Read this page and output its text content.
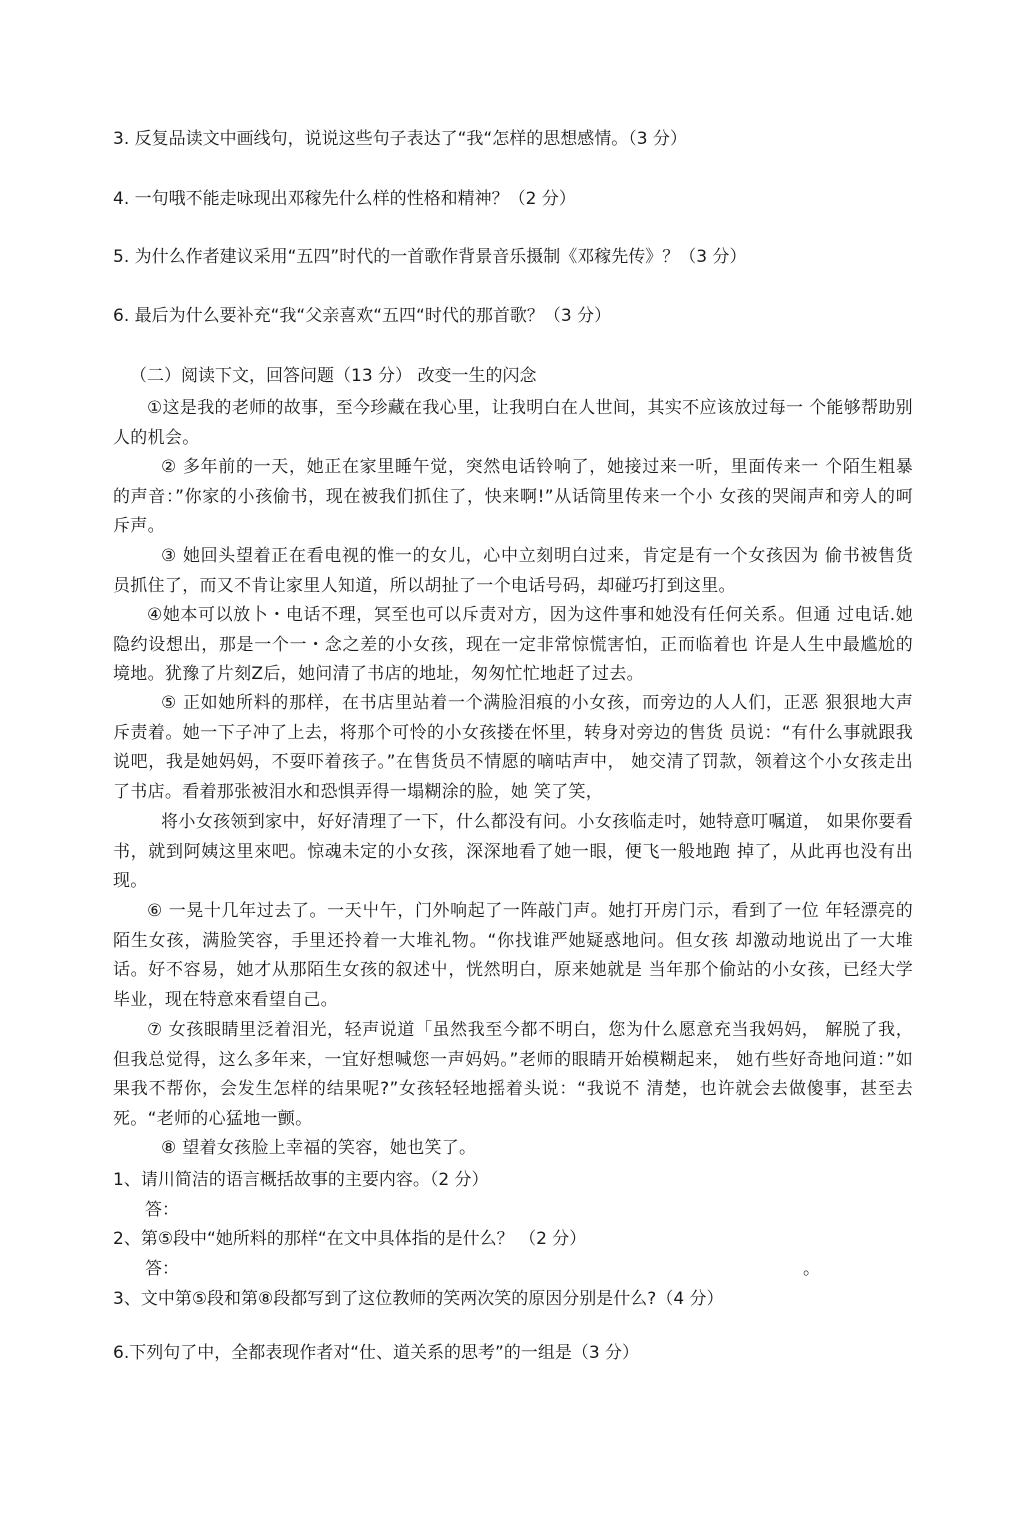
3. 反复品读文中画线句，说说这些句子表达了“我“怎样的思想感情。（3 分）
4. 一句哦不能走咏现出邓稼先什么样的性格和精神？（2 分）
5. 为什么作者建议采用“五四”时代的一首歌作背景音乐摄制《邓稼先传》？（3 分）
6. 最后为什么要补充“我“父亲喜欢“五四“时代的那首歌？（3 分）
（二）阅读下文，回答问题（13 分） 改变一生的闪念
①这是我的老师的故事，至今珍藏在我心里，让我明白在人世间，其实不应该放过每一 个能够帮助别人的机会。
② 多年前的一天，她正在家里睡午觉，突然电话铃响了，她接过来一听，里面传来一 个陌生粗暴的声音：”你家的小孩偷书，现在被我们抓住了，快来啊!”从话筒里传来一个小 女孩的哭闹声和旁人的呵斥声。
③ 她回头望着正在看电视的惟一的女儿，心中立刻明白过来，肯定是有一个女孩因为 偷书被售货员抓住了，而又不肯让家里人知道，所以胡扯了一个电话号码，却碰巧打到这里。
④她本可以放卜・电话不理，冥至也可以斥责对方，因为这件事和她没有任何关系。但通 过电话.她隐约设想出，那是一个一・念之差的小女孩，现在一定非常惊慌害怕，正而临着也 许是人生中最尴尬的境地。犹豫了片刻Z后，她问清了书店的地址，匆匆忙忙地赶了过去。
⑤ 正如她所料的那样，在书店里站着一个满脸泪痕的小女孩，而旁边的人人们，正恶 狠狠地大声斥责着。她一下子冲了上去，将那个可怜的小女孩搂在怀里，转身对旁边的售货 员说：“有什么事就跟我说吧，我是她妈妈，不耍吓着孩子。”在售货员不情愿的嘀咕声中， 她交清了罚款，领着这个小女孩走出了书店。看着那张被泪水和恐惧弄得一塌糊涂的脸，她 笑了笑，
将小女孩领到家中，好好清理了一下，什么都没有问。小女孩临走吋，她特意叮嘱道， 如果你要看书，就到阿姨这里來吧。惊魂未定的小女孩，深深地看了她一眼，便飞一般地跑 掉了，从此再也没有出现。
⑥ 一晃十几年过去了。一天屮午，门外响起了一阵敲门声。她打开房门示，看到了一位 年轻漂亮的陌生女孩，满脸笑容，手里还拎着一大堆礼物。“你找谁严她疑惑地问。但女孩 却激动地说出了一大堆话。好不容易，她才从那陌生女孩的叙述屮，恍然明白，原来她就是 当年那个偷站的小女孩，已经大学毕业，现在特意來看望自己。
⑦ 女孩眼睛里泛着泪光，轻声说道「虽然我至今都不明白，您为什么愿意充当我妈妈， 解脱了我，但我总觉得，这么多年来，一宜好想喊您一声妈妈。”老师的眼睛开始模糊起来， 她冇些好奇地问道：”如果我不帮你，会发生怎样的结果呢?”女孩轻轻地摇着头说：“我说不 清楚，也许就会去做傻事，甚至去死。“老师的心猛地一颤。
⑧ 望着女孩脸上幸福的笑容，她也笑了。
1、请川简洁的语言概括故事的主要内容。（2 分）
答：
2、第⑤段中“她所料的那样“在文中具体指的是什么？ （2 分）
答：	。
3、文中第⑤段和第⑧段都写到了这位教师的笑两次笑的原因分别是什么?（4 分）
6.下列句了中，全都表现作者对“仕、道关系的思考”的一组是（3 分）
